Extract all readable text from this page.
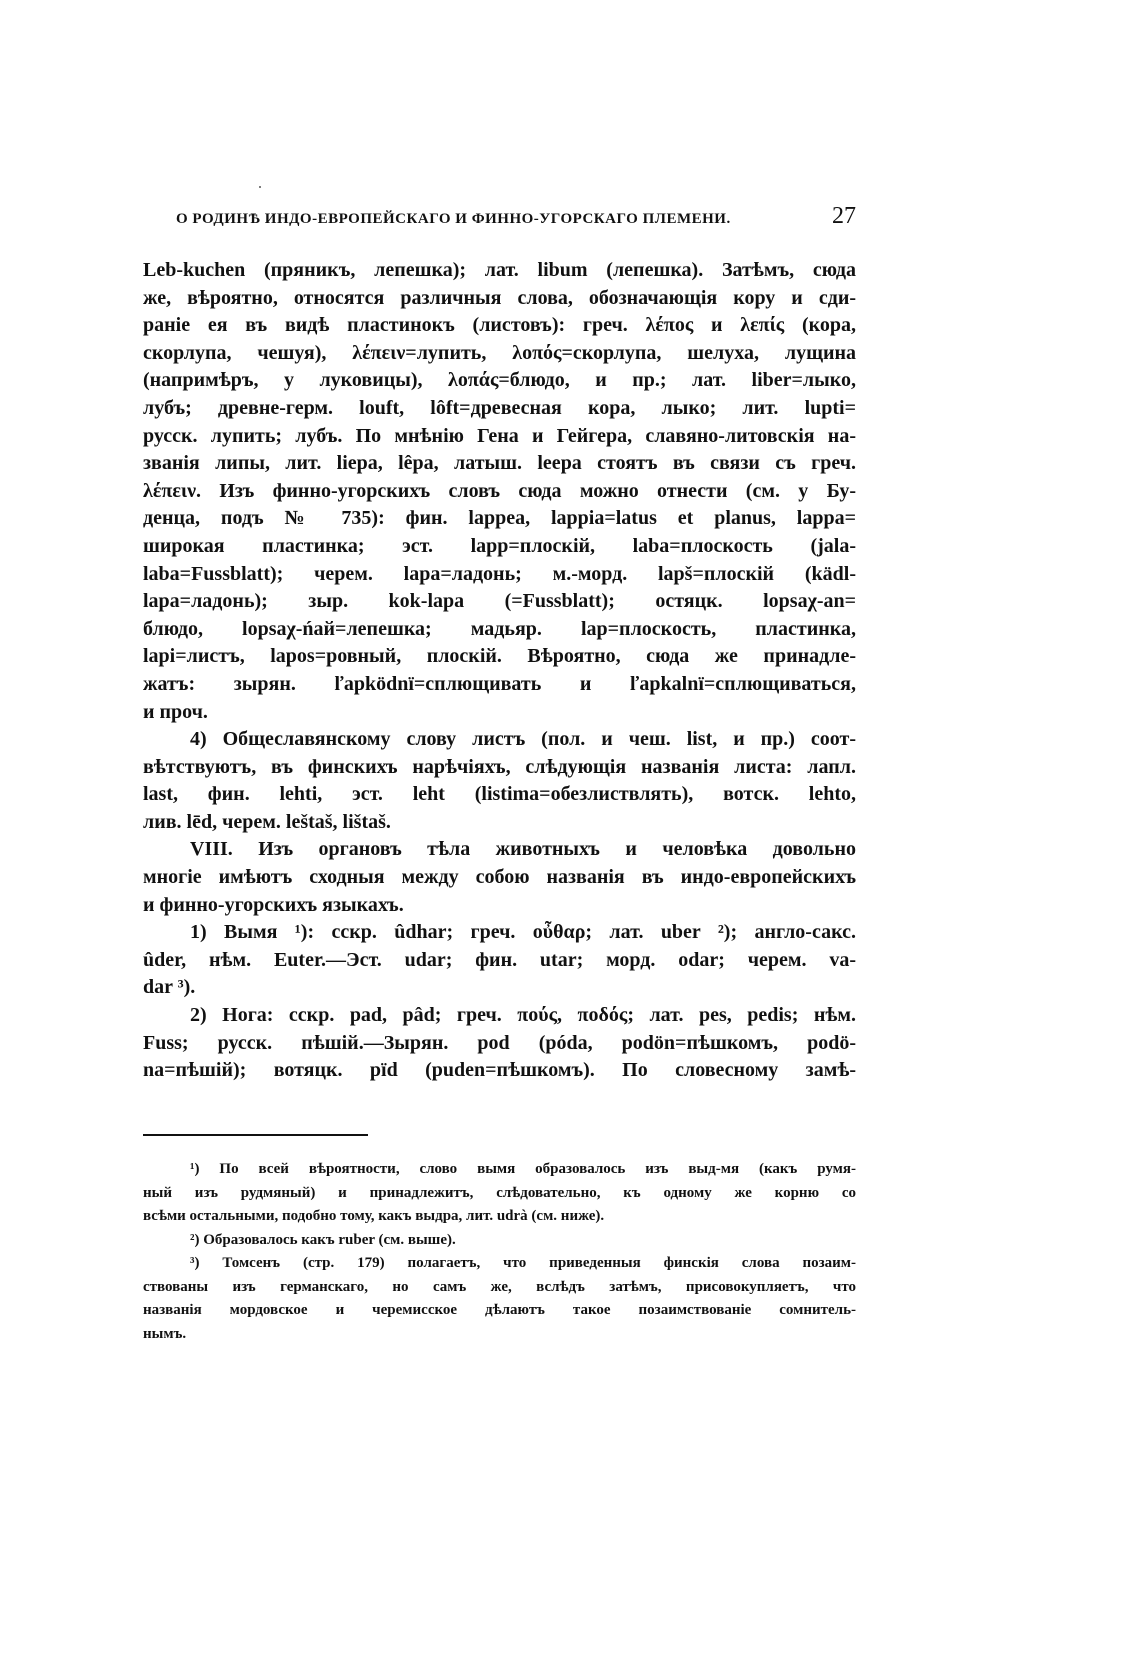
О РОДИНѢ ИНДО-ЕВРОПЕЙСКАГО И ФИННО-УГОРСКАГО ПЛЕМЕНИ.	27
Leb-kuchen (пряникъ, лепешка); лат. libum (лепешка). Затѣмъ, сюда
же, вѣроятно, относятся различныя слова, обозначающія кору и сди-
раніе ея въ видѣ пластинокъ (листовъ): греч. λέπος и λεπίς (кора,
скорлупа, чешуя), λέπειν=лупить, λοπός=скорлупа, шелуха, лущина
(напримѣръ, у луковицы), λοπάς=блюдо, и пр.; лат. liber=лыко,
лубъ; древне-герм. louft, lôft=древесная кора, лыко; лит. lupti=
русск. лупить; лубъ. По мнѣнію Гена и Гейгера, славяно-литовскія на-
званія липы, лит. liepa, lêpa, латыш. leepa стоятъ въ связи съ греч.
λέπειν. Изъ финно-угорскихъ словъ сюда можно отнести (см. у Бу-
денца, подъ № 735): фин. lappea, lappia=latus et planus, lappa=
широкая пластинка; эст. lapp=плоскій, laba=плоскость (jala-
laba=Fussblatt); черем. lapa=ладонь; м.-морд. lapš=плоскій (kädl-
lapa=ладонь); зыр. kok-lapa (=Fussblatt); остяцк. lopsaχ-an=
блюдо, lopsaχ-ńaй=лепешка; мадьяр. lap=плоскость, пластинка,
lapi=листъ, lapos=ровный, плоскій. Вѣроятно, сюда же принадле-
жатъ: зырян. ľapködnï=сплющивать и ľapkalnï=сплющиваться,
и проч.
4) Общеславянскому слову листъ (пол. и чеш. list, и пр.) соот-
вѣтствуютъ, въ финскихъ нарѣчіяхъ, слѣдующія названія листа: лапл.
last, фин. lehti, эст. leht (listima=обезлиствлять), вотск. lehto,
лив. lēd, черем. leštaš, lištaš.
VIII. Изъ органовъ тѣла животныхъ и человѣка довольно
многіе имѣютъ сходныя между собою названія въ индо-европейскихъ
и финно-угорскихъ языкахъ.
1) Вымя ¹): сскр. ûdhar; греч. οὖθαρ; лат. uber ²); англо-сакс.
ûder, нѣм. Euter.—Эст. udar; фин. utar; морд. odar; черем. va-
dar ³).
2) Нога: сскр. pad, pâd; греч. πούς, ποδός; лат. pes, pedis; нѣм.
Fuss; русск. пѣшій.—Зырян. pod (póda, podön=пѣшкомъ, podö-
na=пѣшій); вотяцк. pïd (puden=пѣшкомъ). По словесному замѣ-
¹) По всей вѣроятности, слово вымя образовалось изъ выд-мя (какъ румя-
ный изъ рудмяный) и принадлежитъ, слѣдовательно, къ одному же корню со
всѣми остальными, подобно тому, какъ выдра, лит. udrà (см. ниже).
²) Образовалось какъ ruber (см. выше).
³) Томсенъ (стр. 179) полагаетъ, что приведенныя финскія слова позаим-
ствованы изъ германскаго, но самъ же, вслѣдъ затѣмъ, присовокупляетъ, что
названія мордовское и черемисское дѣлаютъ такое позаимствованіе сомнитель-
нымъ.
